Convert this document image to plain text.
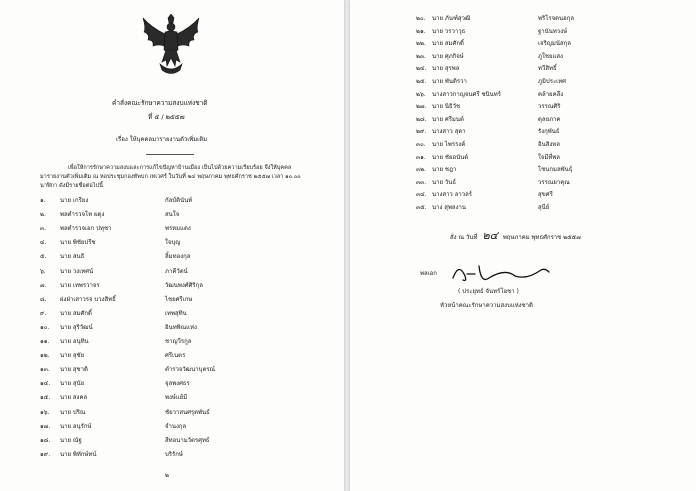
คำสั่งคณะรักษาความสงบแห่งชาติ
ที่ ๕ / ๒๕๕๗
เรื่อง ให้บุคคลมารายงานตัวเพิ่มเติม
เพื่อให้การรักษาความสงบและการแก้ไขปัญหาบ้านเมือง เป็นไปด้วยความเรียบร้อย จึงให้บุคคล
มารายงานตัวเพิ่มเติม ณ หอประชุมกองทัพบก เทเวศร์ ในวันที่ ๒๔ พฤษภาคม พุทธศักราช ๒๕๕๗ เวลา ๑๐.๐๐
นาฬิกา ดังมีรายชื่อต่อไปนี้
๑. นาย เกรียง	กัลป์ตินันท์
๒. พลตำรวจโท ผดุง	สนใจ
๓. พลตำรวจเอก ปทุชา	พรหมแดง
๔. นาย พิชัยปรีช	ใจบุญ
๕. นาย สนธิ	ลิ้มทองกุล
๖. นาย วงเทศน์	ภาคีวัตน์
๗. นาย เทพรวาจร	วัฒนพงศ์ศิริกุล
๘. ผ่งฝ่าเสาวรจ บวงสิทธิ์	ไชยศรีเกษ
๙. นาย สมศักดิ์	เทพสุทิน
๑๐. นาย สุริวัฒน์	อินทพิณแห่ง
๑๑. นาย อนุทิน	ชาญวีรกูล
๑๒. นาย สุชัย	ศรีเนตร
๑๓. นาย สุชาติ	ตำรวจวัฒนาบุตรณ์
๑๔. นาย สุนัย	จุลพงศธร
๑๕. นาย สงคล	พงษ์แย้มี
๑๖. นาย ปริณ	ชัยวาสนศรุตพันธ์
๑๗. นาย อนุรักษ์	จำนงกุล
๑๘. นาย ณัฐ	สีทอนามวัตรศุทธ์
๑๙. นาย พิทักษ์ทน์	บริรักษ์
๒
๒๐. นาย ภันฑ์สุวฒิ	พริโรจดนอกุล
๒๑. นาย วรวาวุธ	ฐานันทวงษ์
๒๒. นาย สมศักดิ์	เจริญมนัสกุล
๒๓. นาย ศุภกิจษ์	ภูใชยแสง
๒๔. นาย สุรพล	ทวีสิทธิ์
๒๕. นาย พันติรวา	ภูมิประเทศ
๒๖. นางสาวกาญจนศรี ชนินทร์	คล้ายคลึง
๒๗. นาย นิธิวัช	วรรณศิริ
๒๘. นาย ศรีมนต์	ดุลยภาค
๒๙. นางสาว สุดา	รังกุพันธ์
๓๐. นาย ไพรรงค์	อินสิงหล
๓๑. นาย ชัยอนันต์	ใจมีที่พล
๓๒. นาย ชฎา	โชนกมลพันธุ์
๓๓. นาย วันธ์	วรรณยาคุณ
๓๔. นางสาว ลาวลร์	สุขศรี
๓๕. นาง สุพลงาน	สุนีย์
สั่ง ณ วันที่ ๒๔ พฤษภาคม พุทธศักราช ๒๕๕๗
พลเอก
( ประยุทธ์ จันทร์โอชา )
หัวหน้าคณะรักษาความสงบแห่งชาติ
